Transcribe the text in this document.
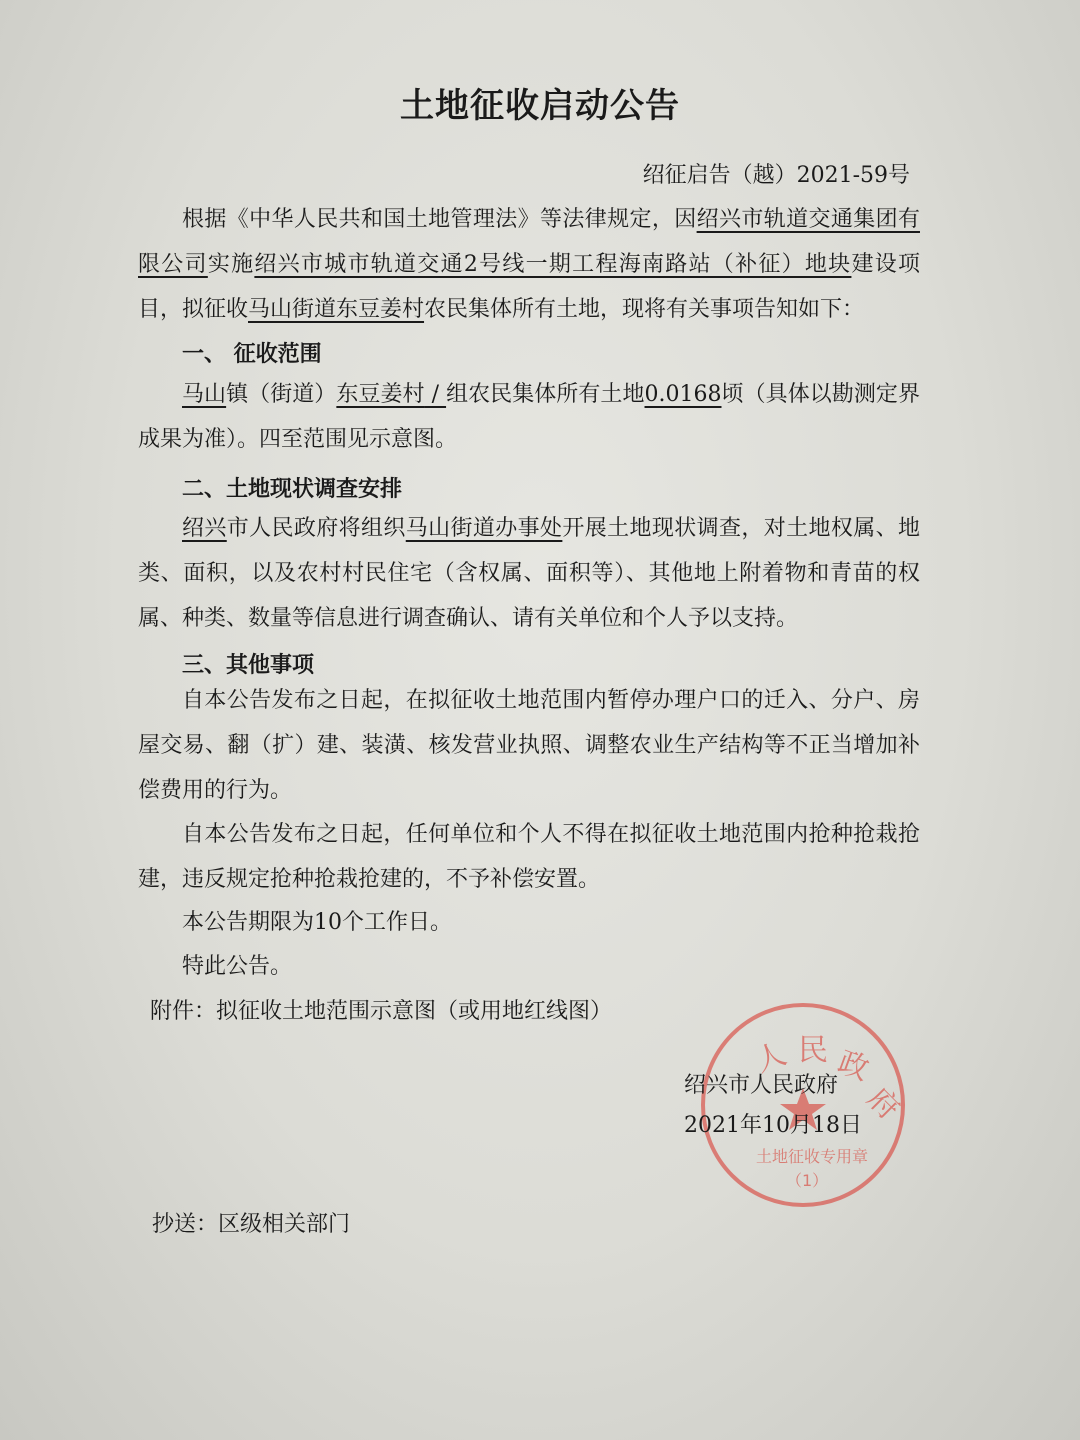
土地征收启动公告
绍征启告（越）2021-59号
根据《中华人民共和国土地管理法》等法律规定，因绍兴市轨道交通集团有限公司实施绍兴市城市轨道交通2号线一期工程海南路站（补征）地块建设项目，拟征收马山街道东豆姜村农民集体所有土地，现将有关事项告知如下：
一、 征收范围
马山镇（街道）东豆姜村 / 组农民集体所有土地0.0168顷（具体以勘测定界成果为准）。四至范围见示意图。
二、土地现状调查安排
绍兴市人民政府将组织马山街道办事处开展土地现状调查，对土地权属、地类、面积，以及农村村民住宅（含权属、面积等）、其他地上附着物和青苗的权属、种类、数量等信息进行调查确认、请有关单位和个人予以支持。
三、其他事项
自本公告发布之日起，在拟征收土地范围内暂停办理户口的迁入、分户、房屋交易、翻（扩）建、装潢、核发营业执照、调整农业生产结构等不正当增加补偿费用的行为。
自本公告发布之日起，任何单位和个人不得在拟征收土地范围内抢种抢栽抢建，违反规定抢种抢栽抢建的，不予补偿安置。
本公告期限为10个工作日。
特此公告。
附件：拟征收土地范围示意图（或用地红线图）
人 民 政
府
土地征收专用章
（1）
绍兴市人民政府
2021年10月18日
抄送：区级相关部门
